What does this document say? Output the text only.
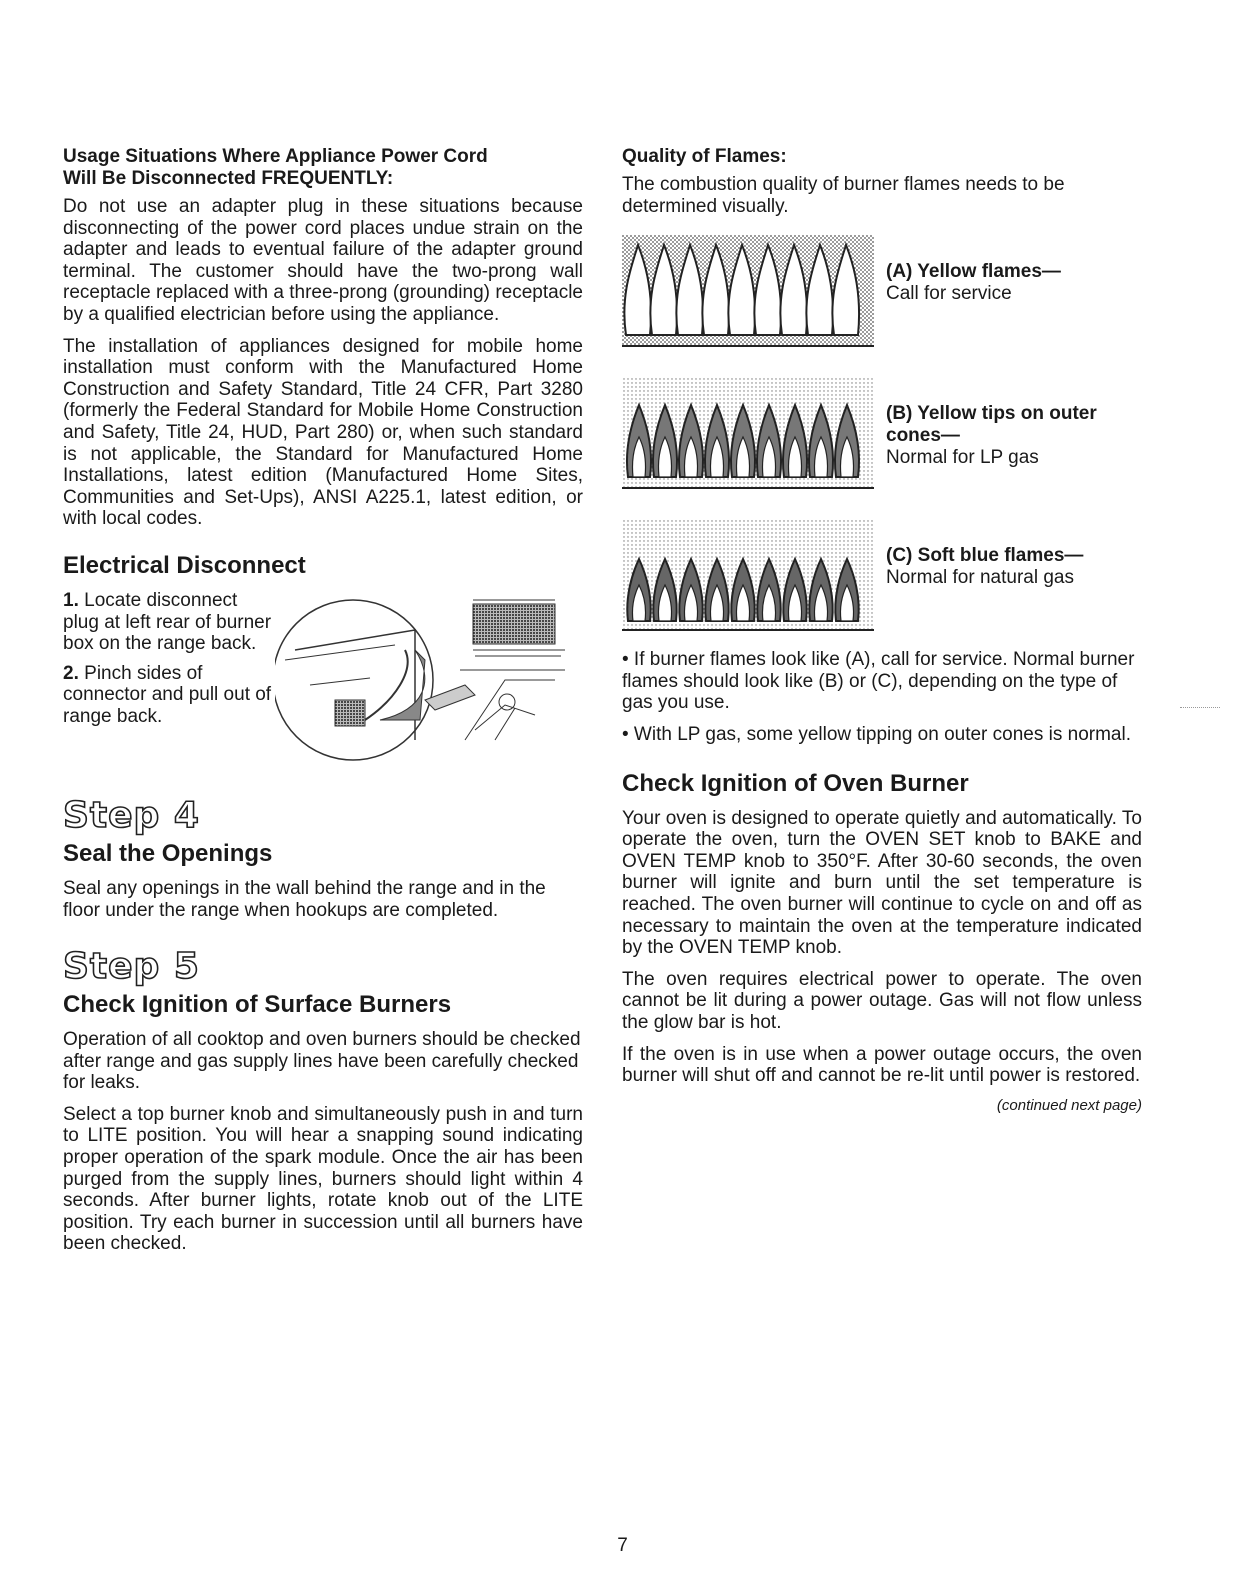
Usage Situations Where Appliance Power Cord
Will Be Disconnected FREQUENTLY:

Do not use an adapter plug in these situations because disconnecting of the power cord places undue strain on the adapter and leads to eventual failure of the adapter ground terminal. The customer should have the two-prong wall receptacle replaced with a three-prong (grounding) receptacle by a qualified electrician before using the appliance.

The installation of appliances designed for mobile home installation must conform with the Manufactured Home Construction and Safety Standard, Title 24 CFR, Part 3280 (formerly the Federal Standard for Mobile Home Construction and Safety, Title 24, HUD, Part 280) or, when such standard is not applicable, the Standard for Manufactured Home Installations, latest edition (Manufactured Home Sites, Communities and Set-Ups), ANSI A225.1, latest edition, or with local codes.

Electrical Disconnect

1. Locate disconnect plug at left rear of burner box on the range back.

2. Pinch sides of connector and pull out of range back.

Step 4
Seal the Openings

Seal any openings in the wall behind the range and in the floor under the range when hookups are completed.

Step 5
Check Ignition of Surface Burners

Operation of all cooktop and oven burners should be checked after range and gas supply lines have been carefully checked for leaks.

Select a top burner knob and simultaneously push in and turn to LITE position. You will hear a snapping sound indicating proper operation of the spark module. Once the air has been purged from the supply lines, burners should light within 4 seconds. After burner lights, rotate knob out of the LITE position. Try each burner in succession until all burners have been checked.

Quality of Flames:

The combustion quality of burner flames needs to be determined visually.

(A) Yellow flames—
Call for service
(B) Yellow tips on outer cones—
Normal for LP gas
(C) Soft blue flames—
Normal for natural gas

• If burner flames look like (A), call for service. Normal burner flames should look like (B) or (C), depending on the type of gas you use.

• With LP gas, some yellow tipping on outer cones is normal.

Check Ignition of Oven Burner

Your oven is designed to operate quietly and automatically. To operate the oven, turn the OVEN SET knob to BAKE and OVEN TEMP knob to 350°F. After 30-60 seconds, the oven burner will ignite and burn until the set temperature is reached. The oven burner will continue to cycle on and off as necessary to maintain the oven at the temperature indicated by the OVEN TEMP knob.

The oven requires electrical power to operate. The oven cannot be lit during a power outage. Gas will not flow unless the glow bar is hot.

If the oven is in use when a power outage occurs, the oven burner will shut off and cannot be re-lit until power is restored.

(continued next page)
7
